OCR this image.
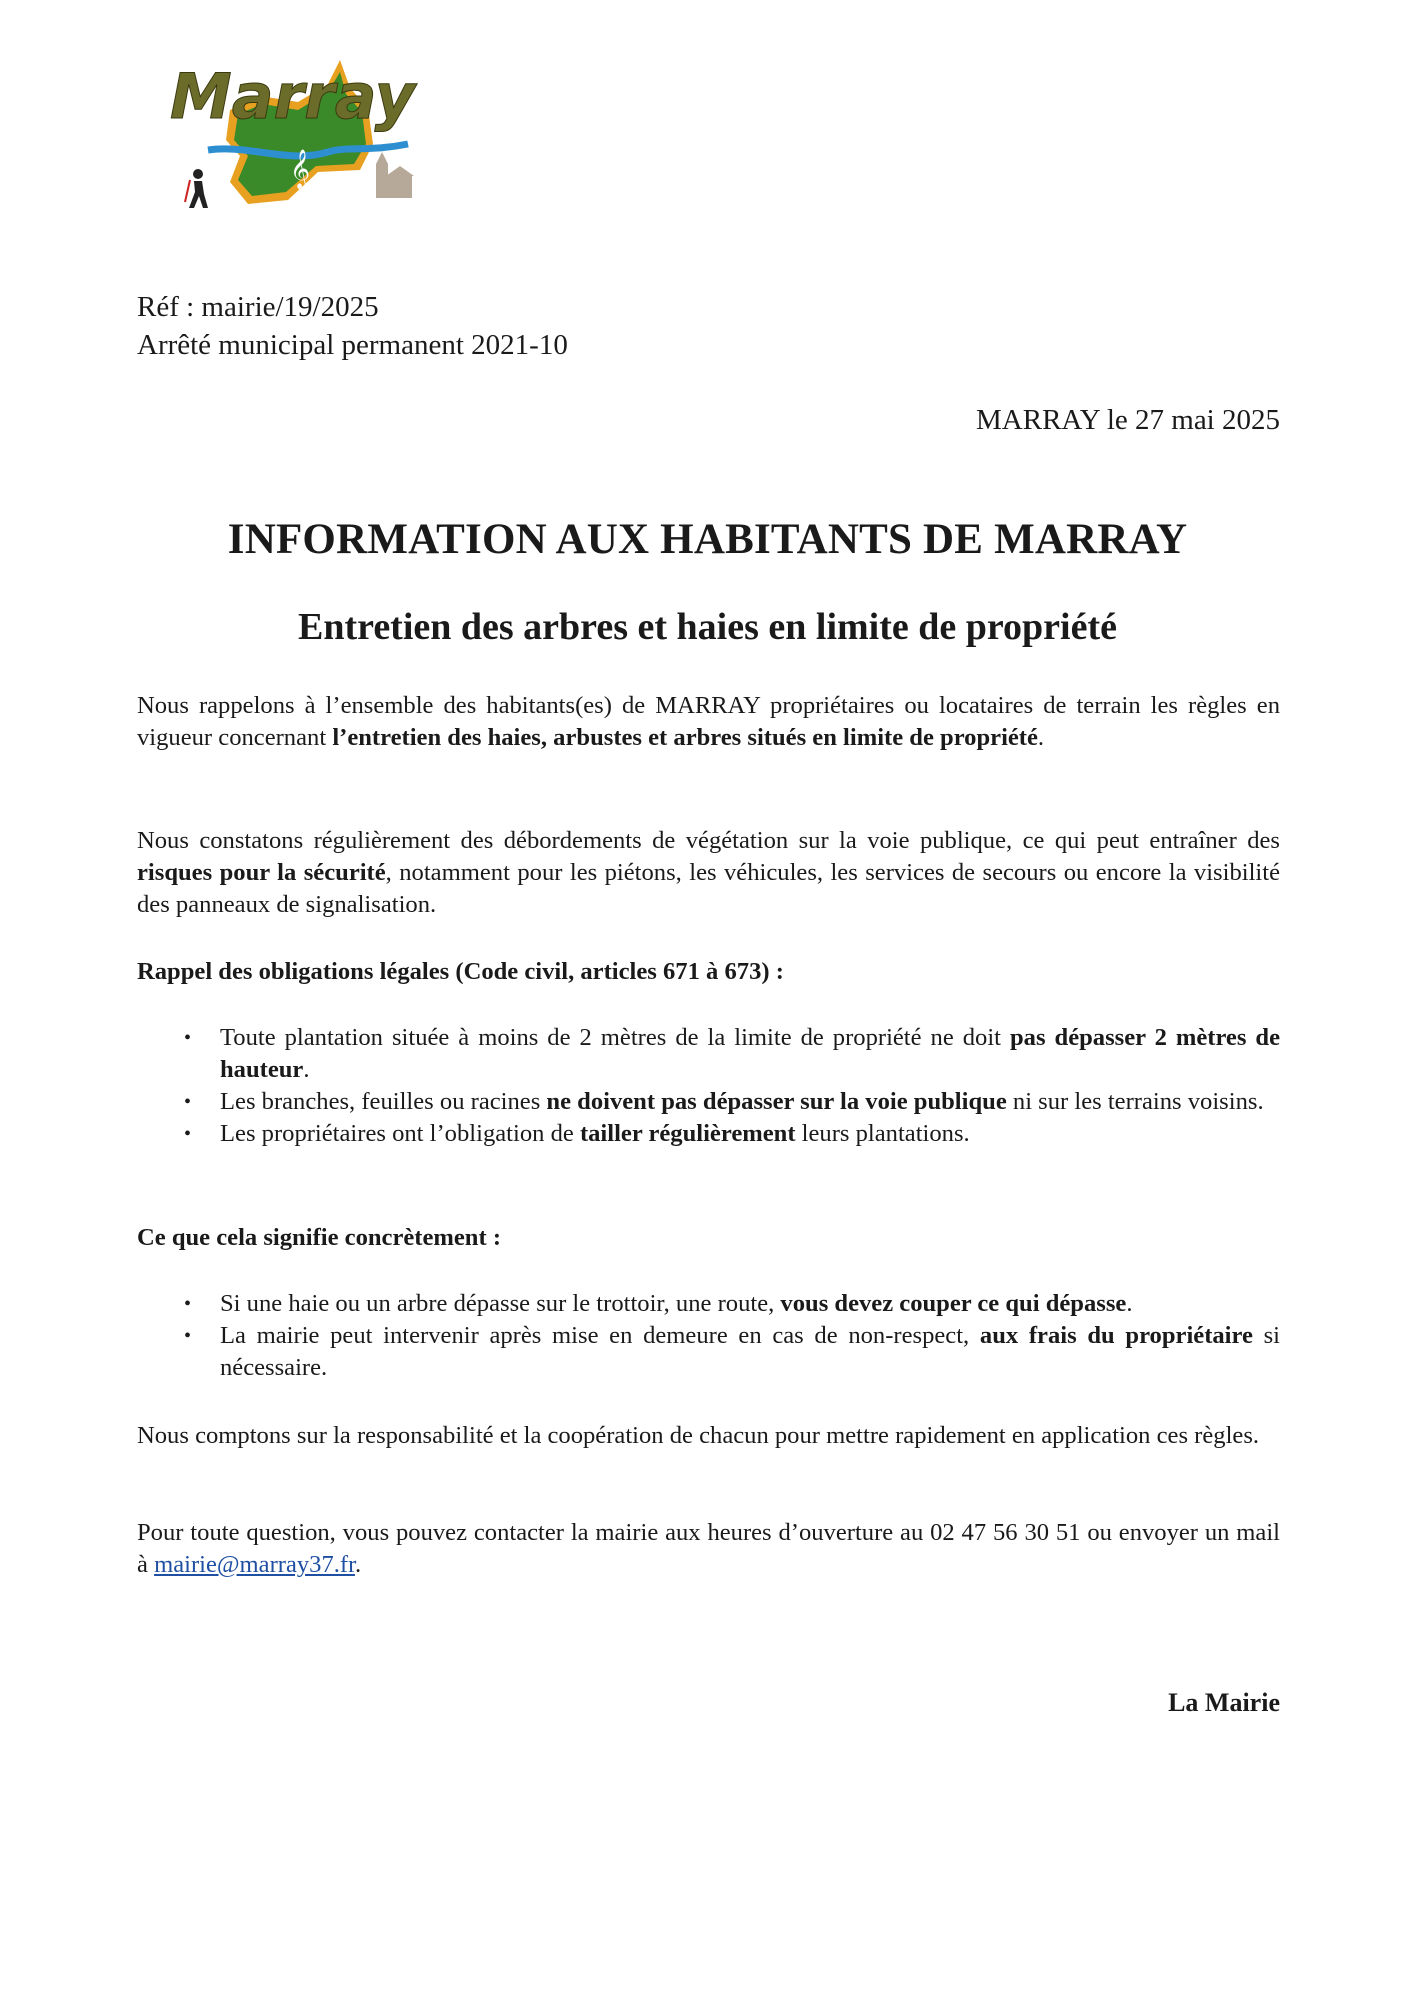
𝄞
Marray
Réf : mairie/19/2025
Arrêté municipal permanent 2021-10
MARRAY le 27 mai 2025
INFORMATION AUX HABITANTS DE MARRAY
Entretien des arbres et haies en limite de propriété

Nous rappelons à l’ensemble des habitants(es) de MARRAY propriétaires ou locataires de terrain les règles en vigueur concernant l’entretien des haies, arbustes et arbres situés en limite de propriété.

Nous constatons régulièrement des débordements de végétation sur la voie publique, ce qui peut entraîner des risques pour la sécurité, notamment pour les piétons, les véhicules, les services de secours ou encore la visibilité des panneaux de signalisation.

Rappel des obligations légales (Code civil, articles 671 à 673) :

• Toute plantation située à moins de 2 mètres de la limite de propriété ne doit pas dépasser 2 mètres de hauteur.
• Les branches, feuilles ou racines ne doivent pas dépasser sur la voie publique ni sur les terrains voisins.
• Les propriétaires ont l’obligation de tailler régulièrement leurs plantations.

Ce que cela signifie concrètement :

• Si une haie ou un arbre dépasse sur le trottoir, une route, vous devez couper ce qui dépasse.
• La mairie peut intervenir après mise en demeure en cas de non-respect, aux frais du propriétaire si nécessaire.

Nous comptons sur la responsabilité et la coopération de chacun pour mettre rapidement en application ces règles.

Pour toute question, vous pouvez contacter la mairie aux heures d’ouverture au 02 47 56 30 51 ou envoyer un mail à mairie@marray37.fr.

La Mairie
